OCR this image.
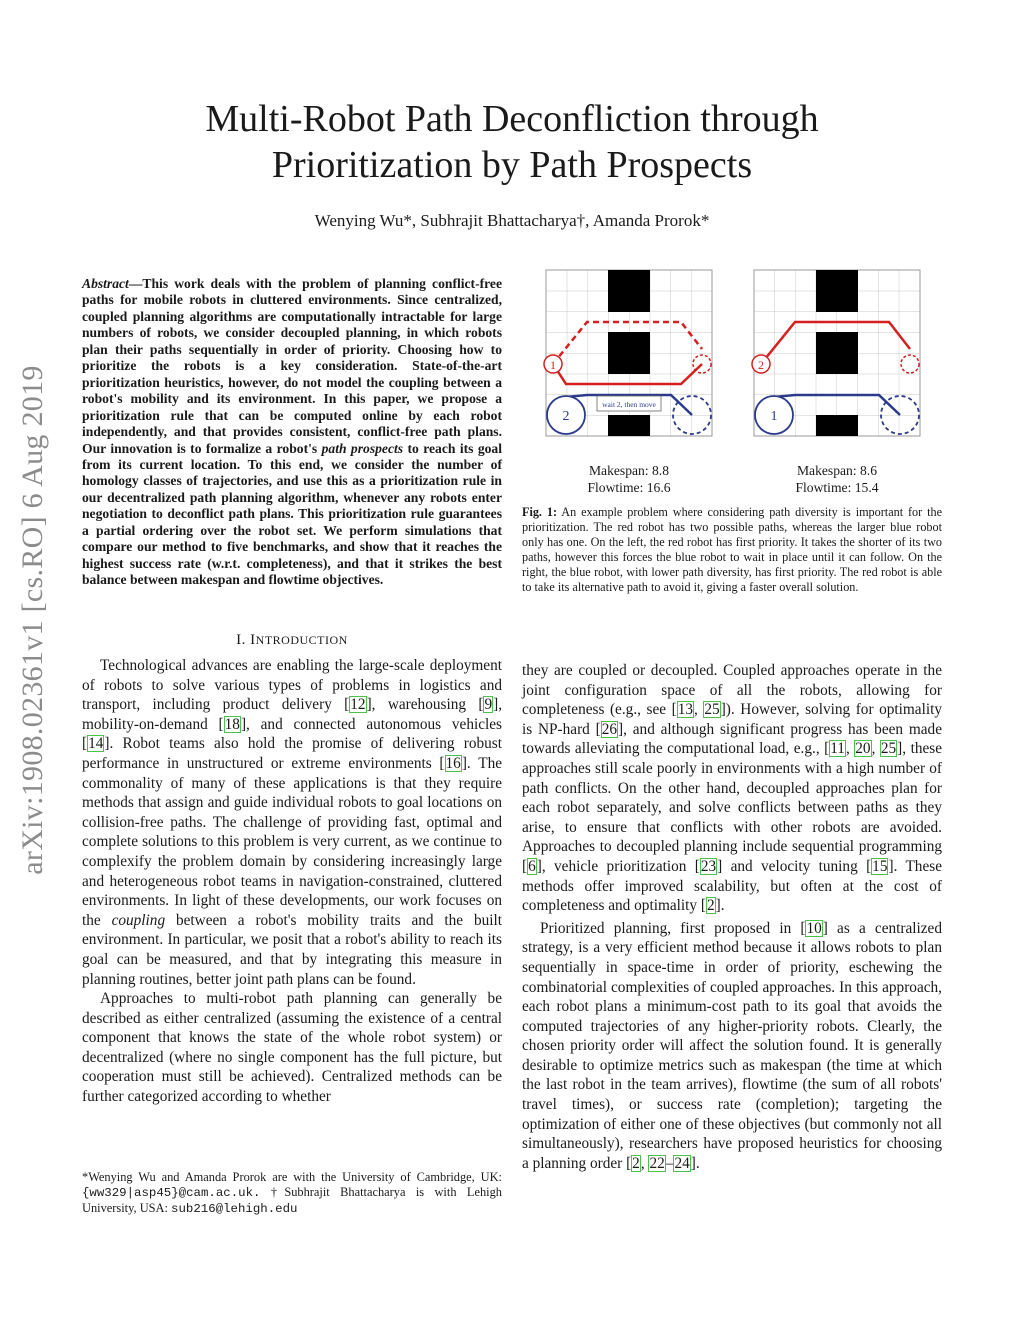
Multi-Robot Path Deconfliction through
Prioritization by Path Prospects
Wenying Wu*, Subhrajit Bhattacharya†, Amanda Prorok*
arXiv:1908.02361v1 [cs.RO] 6 Aug 2019
Abstract—This work deals with the problem of planning conflict-free paths for mobile robots in cluttered environments. Since centralized, coupled planning algorithms are computationally intractable for large numbers of robots, we consider decoupled planning, in which robots plan their paths sequentially in order of priority. Choosing how to prioritize the robots is a key consideration. State-of-the-art prioritization heuristics, however, do not model the coupling between a robot's mobility and its environment. In this paper, we propose a prioritization rule that can be computed online by each robot independently, and that provides consistent, conflict-free path plans. Our innovation is to formalize a robot's path prospects to reach its goal from its current location. To this end, we consider the number of homology classes of trajectories, and use this as a prioritization rule in our decentralized path planning algorithm, whenever any robots enter negotiation to deconflict path plans. This prioritization rule guarantees a partial ordering over the robot set. We perform simulations that compare our method to five benchmarks, and show that it reaches the highest success rate (w.r.t. completeness), and that it strikes the best balance between makespan and flowtime objectives.
I. INTRODUCTION

Technological advances are enabling the large-scale deployment of robots to solve various types of problems in logistics and transport, including product delivery [12], warehousing [9], mobility-on-demand [18], and connected autonomous vehicles [14]. Robot teams also hold the promise of delivering robust performance in unstructured or extreme environments [16]. The commonality of many of these applications is that they require methods that assign and guide individual robots to goal locations on collision-free paths. The challenge of providing fast, optimal and complete solutions to this problem is very current, as we continue to complexify the problem domain by considering increasingly large and heterogeneous robot teams in navigation-constrained, cluttered environments. In light of these developments, our work focuses on the coupling between a robot's mobility traits and the built environment. In particular, we posit that a robot's ability to reach its goal can be measured, and that by integrating this measure in planning routines, better joint path plans can be found.

Approaches to multi-robot path planning can generally be described as either centralized (assuming the existence of a central component that knows the state of the whole robot system) or decentralized (where no single component has the full picture, but cooperation must still be achieved). Centralized methods can be further categorized according to whether

*Wenying Wu and Amanda Prorok are with the University of Cambridge, UK: {ww329|asp45}@cam.ac.uk. †Subhrajit Bhattacharya is with Lehigh University, USA: sub216@lehigh.edu

they are coupled or decoupled. Coupled approaches operate in the joint configuration space of all the robots, allowing for completeness (e.g., see [13, 25]). However, solving for optimality is NP-hard [26], and although significant progress has been made towards alleviating the computational load, e.g., [11, 20, 25], these approaches still scale poorly in environments with a high number of path conflicts. On the other hand, decoupled approaches plan for each robot separately, and solve conflicts between paths as they arise, to ensure that conflicts with other robots are avoided. Approaches to decoupled planning include sequential programming [6], vehicle prioritization [23] and velocity tuning [15]. These methods offer improved scalability, but often at the cost of completeness and optimality [2].

Prioritized planning, first proposed in [10] as a centralized strategy, is a very efficient method because it allows robots to plan sequentially in space-time in order of priority, eschewing the combinatorial complexities of coupled approaches. In this approach, each robot plans a minimum-cost path to its goal that avoids the computed trajectories of any higher-priority robots. Clearly, the chosen priority order will affect the solution found. It is generally desirable to optimize metrics such as makespan (the time at which the last robot in the team arrives), flowtime (the sum of all robots' travel times), or success rate (completion); targeting the optimization of either one of these objectives (but commonly not all simultaneously), researchers have proposed heuristics for choosing a planning order [2, 22–24].

1
2
wait 2, then move
2
1
Makespan: 8.8
Flowtime: 16.6
Makespan: 8.6
Flowtime: 15.4
Fig. 1: An example problem where considering path diversity is important for the prioritization. The red robot has two possible paths, whereas the larger blue robot only has one. On the left, the red robot has first priority. It takes the shorter of its two paths, however this forces the blue robot to wait in place until it can follow. On the right, the blue robot, with lower path diversity, has first priority. The red robot is able to take its alternative path to avoid it, giving a faster overall solution.
